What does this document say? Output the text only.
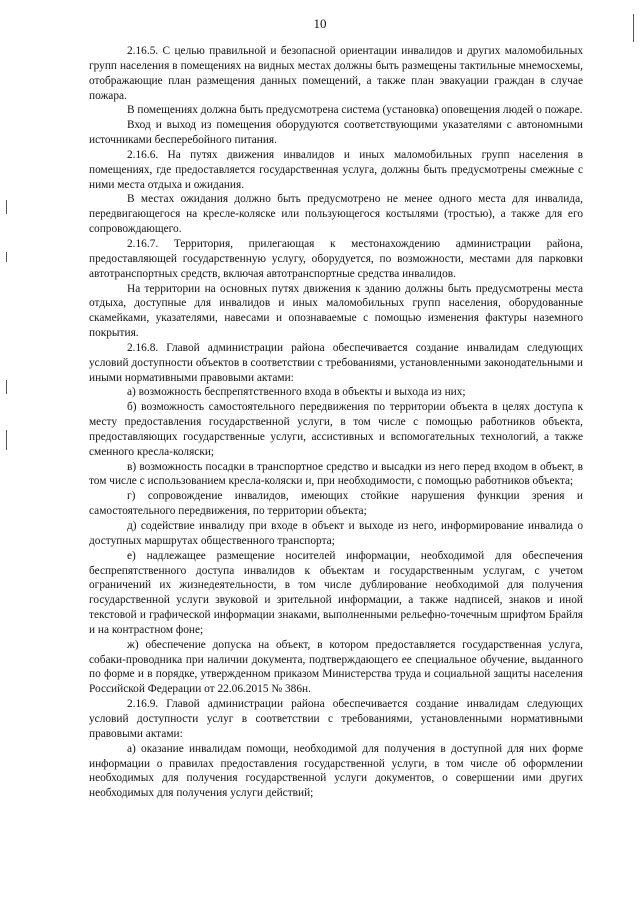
10

2.16.5. С целью правильной и безопасной ориентации инвалидов и других маломобильных групп населения в помещениях на видных местах должны быть размещены тактильные мнемосхемы, отображающие план размещения данных помещений, а также план эвакуации граждан в случае пожара.

В помещениях должна быть предусмотрена система (установка) оповещения людей о пожаре.

Вход и выход из помещения оборудуются соответствующими указателями с автономными источниками бесперебойного питания.

2.16.6. На путях движения инвалидов и иных маломобильных групп населения в помещениях, где предоставляется государственная услуга, должны быть предусмотрены смежные с ними места отдыха и ожидания.

В местах ожидания должно быть предусмотрено не менее одного места для инвалида, передвигающегося на кресле-коляске или пользующегося костылями (тростью), а также для его сопровождающего.

2.16.7. Территория, прилегающая к местонахождению администрации района, предоставляющей государственную услугу, оборудуется, по возможности, местами для парковки автотранспортных средств, включая автотранспортные средства инвалидов.

На территории на основных путях движения к зданию должны быть предусмотрены места отдыха, доступные для инвалидов и иных маломобильных групп населения, оборудованные скамейками, указателями, навесами и опознаваемые с помощью изменения фактуры наземного покрытия.

2.16.8. Главой администрации района обеспечивается создание инвалидам следующих условий доступности объектов в соответствии с требованиями, установленными законодательными и иными нормативными правовыми актами:

а) возможность беспрепятственного входа в объекты и выхода из них;

б) возможность самостоятельного передвижения по территории объекта в целях доступа к месту предоставления государственной услуги, в том числе с помощью работников объекта, предоставляющих государственные услуги, ассистивных и вспомогательных технологий, а также сменного кресла-коляски;

в) возможность посадки в транспортное средство и высадки из него перед входом в объект, в том числе с использованием кресла-коляски и, при необходимости, с помощью работников объекта;

г) сопровождение инвалидов, имеющих стойкие нарушения функции зрения и самостоятельного передвижения, по территории объекта;

д) содействие инвалиду при входе в объект и выходе из него, информирование инвалида о доступных маршрутах общественного транспорта;

е) надлежащее размещение носителей информации, необходимой для обеспечения беспрепятственного доступа инвалидов к объектам и государственным услугам, с учетом ограничений их жизнедеятельности, в том числе дублирование необходимой для получения государственной услуги звуковой и зрительной информации, а также надписей, знаков и иной текстовой и графической информации знаками, выполненными рельефно-точечным шрифтом Брайля и на контрастном фоне;

ж) обеспечение допуска на объект, в котором предоставляется государственная услуга, собаки-проводника при наличии документа, подтверждающего ее специальное обучение, выданного по форме и в порядке, утвержденном приказом Министерства труда и социальной защиты населения Российской Федерации от 22.06.2015 № 386н.

2.16.9. Главой администрации района обеспечивается создание инвалидам следующих условий доступности услуг в соответствии с требованиями, установленными нормативными правовыми актами:

а) оказание инвалидам помощи, необходимой для получения в доступной для них форме информации о правилах предоставления государственной услуги, в том числе об оформлении необходимых для получения государственной услуги документов, о совершении ими других необходимых для получения услуги действий;
